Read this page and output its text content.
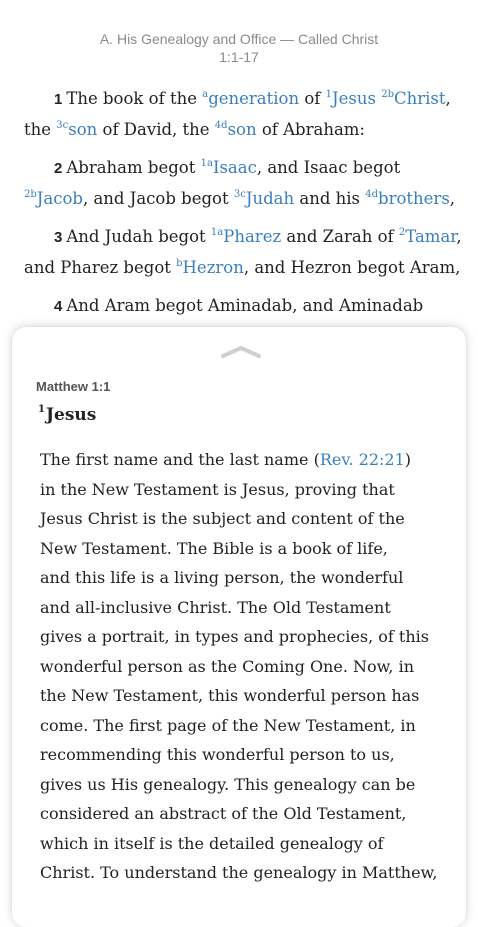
A. His Genealogy and Office — Called Christ
1:1-17
1 The book of the $^a$generation of $^1$Jesus $^{2b}$Christ,
the $^{3c}$son of David, the $^{4d}$son of Abraham:
2 Abraham begot $^{1a}$Isaac, and Isaac begot
$^{2b}$Jacob, and Jacob begot $^{3c}$Judah and his $^{4d}$brothers,
3 And Judah begot $^{1a}$Pharez and Zarah of $^2$Tamar,
and Pharez begot $^b$Hezron, and Hezron begot Aram,
4 And Aram begot Aminadab, and Aminadab
Matthew 1:1
$^1$Jesus
The first name and the last name (Rev. 22:21)
in the New Testament is Jesus, proving that
Jesus Christ is the subject and content of the
New Testament. The Bible is a book of life,
and this life is a living person, the wonderful
and all-inclusive Christ. The Old Testament
gives a portrait, in types and prophecies, of this
wonderful person as the Coming One. Now, in
the New Testament, this wonderful person has
come. The first page of the New Testament, in
recommending this wonderful person to us,
gives us His genealogy. This genealogy can be
considered an abstract of the Old Testament,
which in itself is the detailed genealogy of
Christ. To understand the genealogy in Matthew,
